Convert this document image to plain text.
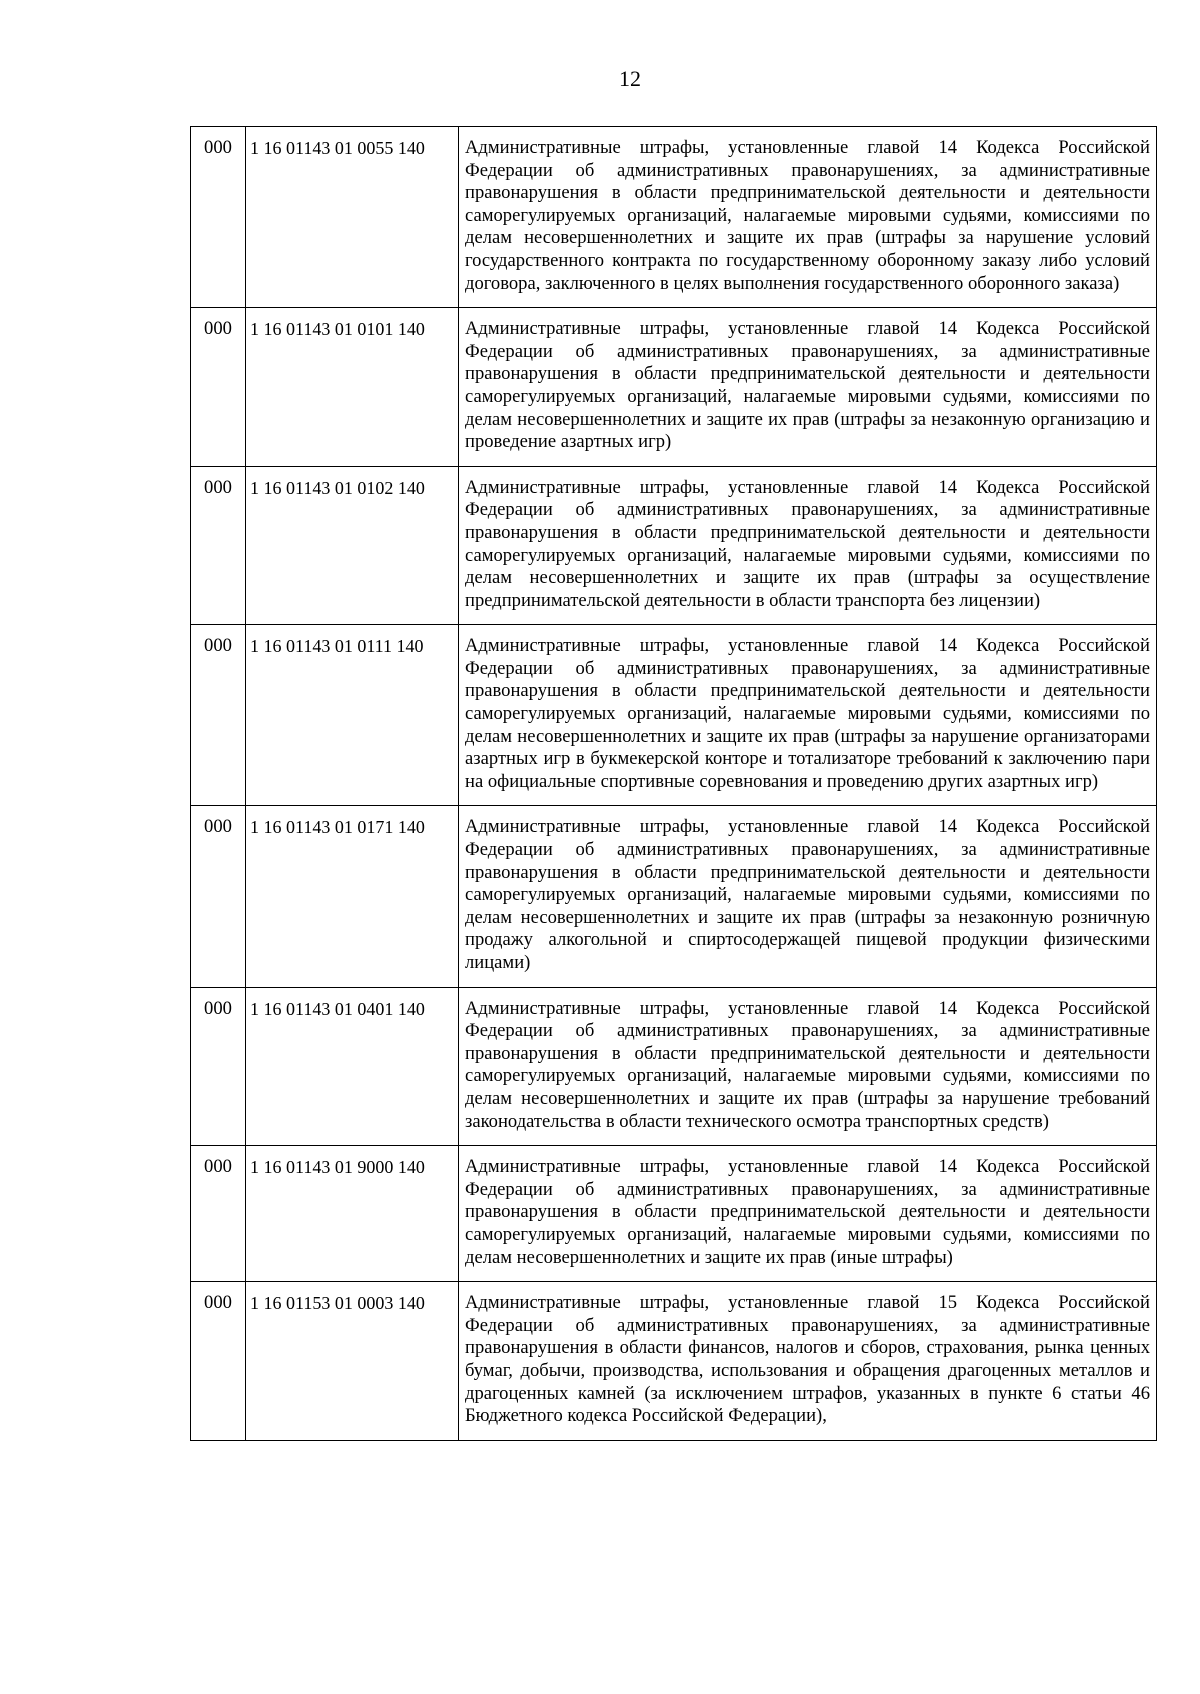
12
000	1 16 01143 01 0055 140	Административные штрафы, установленные главой 14 Кодекса Российской Федерации об административных правонарушениях, за административные правонарушения в области предпринимательской деятельности и деятельности саморегулируемых организаций, налагаемые мировыми судьями, комиссиями по делам несовершеннолетних и защите их прав (штрафы за нарушение условий государственного контракта по государственному оборонному заказу либо условий договора, заключенного в целях выполнения государственного оборонного заказа)
000	1 16 01143 01 0101 140	Административные штрафы, установленные главой 14 Кодекса Российской Федерации об административных правонарушениях, за административные правонарушения в области предпринимательской деятельности и деятельности саморегулируемых организаций, налагаемые мировыми судьями, комиссиями по делам несовершеннолетних и защите их прав (штрафы за незаконную организацию и проведение азартных игр)
000	1 16 01143 01 0102 140	Административные штрафы, установленные главой 14 Кодекса Российской Федерации об административных правонарушениях, за административные правонарушения в области предпринимательской деятельности и деятельности саморегулируемых организаций, налагаемые мировыми судьями, комиссиями по делам несовершеннолетних и защите их прав (штрафы за осуществление предпринимательской деятельности в области транспорта без лицензии)
000	1 16 01143 01 0111 140	Административные штрафы, установленные главой 14 Кодекса Российской Федерации об административных правонарушениях, за административные правонарушения в области предпринимательской деятельности и деятельности саморегулируемых организаций, налагаемые мировыми судьями, комиссиями по делам несовершеннолетних и защите их прав (штрафы за нарушение организаторами азартных игр в букмекерской конторе и тотализаторе требований к заключению пари на официальные спортивные соревнования и проведению других азартных игр)
000	1 16 01143 01 0171 140	Административные штрафы, установленные главой 14 Кодекса Российской Федерации об административных правонарушениях, за административные правонарушения в области предпринимательской деятельности и деятельности саморегулируемых организаций, налагаемые мировыми судьями, комиссиями по делам несовершеннолетних и защите их прав (штрафы за незаконную розничную продажу алкогольной и спиртосодержащей пищевой продукции физическими лицами)
000	1 16 01143 01 0401 140	Административные штрафы, установленные главой 14 Кодекса Российской Федерации об административных правонарушениях, за административные правонарушения в области предпринимательской деятельности и деятельности саморегулируемых организаций, налагаемые мировыми судьями, комиссиями по делам несовершеннолетних и защите их прав (штрафы за нарушение требований законодательства в области технического осмотра транспортных средств)
000	1 16 01143 01 9000 140	Административные штрафы, установленные главой 14 Кодекса Российской Федерации об административных правонарушениях, за административные правонарушения в области предпринимательской деятельности и деятельности саморегулируемых организаций, налагаемые мировыми судьями, комиссиями по делам несовершеннолетних и защите их прав (иные штрафы)
000	1 16 01153 01 0003 140	Административные штрафы, установленные главой 15 Кодекса Российской Федерации об административных правонарушениях, за административные правонарушения в области финансов, налогов и сборов, страхования, рынка ценных бумаг, добычи, производства, использования и обращения драгоценных металлов и драгоценных камней (за исключением штрафов, указанных в пункте 6 статьи 46 Бюджетного кодекса Российской Федерации),
